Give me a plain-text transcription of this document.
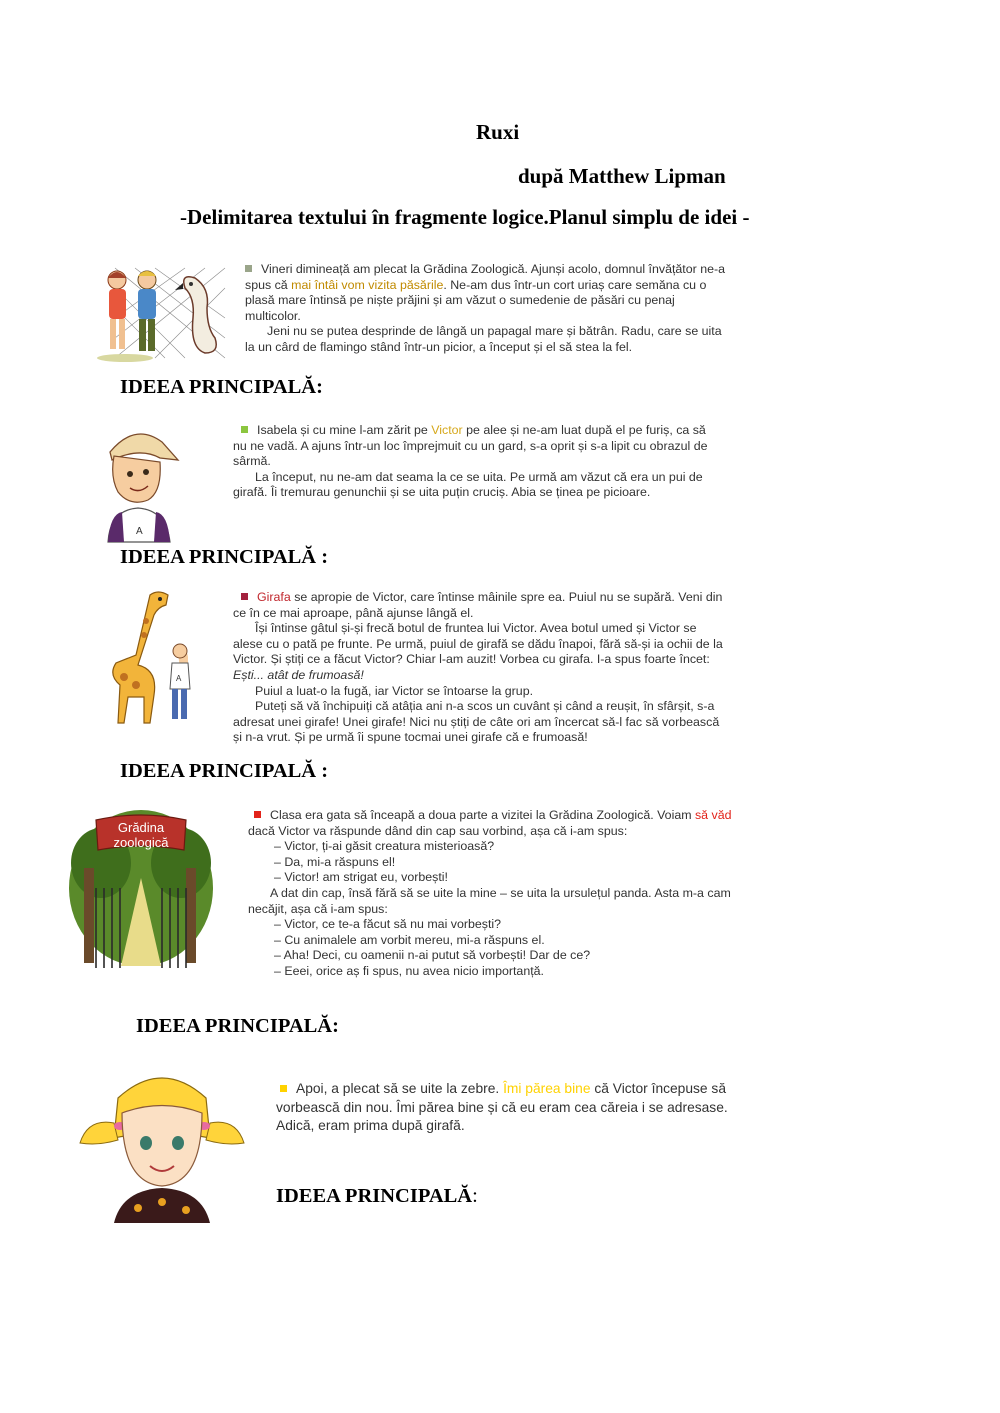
Ruxi
după Matthew Lipman
-Delimitarea textului în fragmente logice.Planul simplu de idei -

Vineri dimineață am plecat la Grădina Zoologică. Ajunși acolo, domnul învățător ne-a spus că mai întâi vom vizita păsările. Ne-am dus într-un cort uriaș care semăna cu o plasă mare întinsă pe niște prăjini și am văzut o sumedenie de păsări cu penaj multicolor.

Jeni nu se putea desprinde de lângă un papagal mare și bătrân. Radu, care se uita la un cârd de flamingo stând într-un picior, a început și el să stea la fel.

IDEEA PRINCIPALĂ:
A

Isabela și cu mine l-am zărit pe Victor pe alee și ne-am luat după el pe furiș, ca să nu ne vadă. A ajuns într-un loc împrejmuit cu un gard, s-a oprit și s-a lipit cu obrazul de sârmă.

La început, nu ne-am dat seama la ce se uita. Pe urmă am văzut că era un pui de girafă. Îi tremurau genunchii și se uita puțin cruciș. Abia se ținea pe picioare.

IDEEA PRINCIPALĂ :
A

Girafa se apropie de Victor, care întinse mâinile spre ea. Puiul nu se supără. Veni din ce în ce mai aproape, până ajunse lângă el.

Își întinse gâtul și-și frecă botul de fruntea lui Victor. Avea botul umed și Victor se alese cu o pată pe frunte. Pe urmă, puiul de girafă se dădu înapoi, fără să-și ia ochii de la Victor. Și știți ce a făcut Victor? Chiar l-am auzit! Vorbea cu girafa. I-a spus foarte încet: Ești... atât de frumoasă!

Puiul a luat-o la fugă, iar Victor se întoarse la grup.

Puteți să vă închipuiți că atâția ani n-a scos un cuvânt și când a reușit, în sfârșit, s-a adresat unei girafe! Unei girafe! Nici nu știți de câte ori am încercat să-l fac să vorbească și n-a vrut. Și pe urmă îi spune tocmai unei girafe că e frumoasă!

IDEEA PRINCIPALĂ :
Grădina
zoologică

Clasa era gata să înceapă a doua parte a vizitei la Grădina Zoologică. Voiam să văd dacă Victor va răspunde dând din cap sau vorbind, așa că i-am spus:

– Victor, ți-ai găsit creatura misterioasă?

– Da, mi-a răspuns el!

– Victor! am strigat eu, vorbești!

A dat din cap, însă fără să se uite la mine – se uita la ursulețul panda. Asta m-a cam necăjit, așa că i-am spus:

– Victor, ce te-a făcut să nu mai vorbești?

– Cu animalele am vorbit mereu, mi-a răspuns el.

– Aha! Deci, cu oamenii n-ai putut să vorbești! Dar de ce?

– Eeei, orice aș fi spus, nu avea nicio importanță.

IDEEA PRINCIPALĂ:

Apoi, a plecat să se uite la zebre. Îmi părea bine că Victor începuse să vorbească din nou. Îmi părea bine și că eu eram cea căreia i se adresase. Adică, eram prima după girafă.

IDEEA PRINCIPALĂ:
